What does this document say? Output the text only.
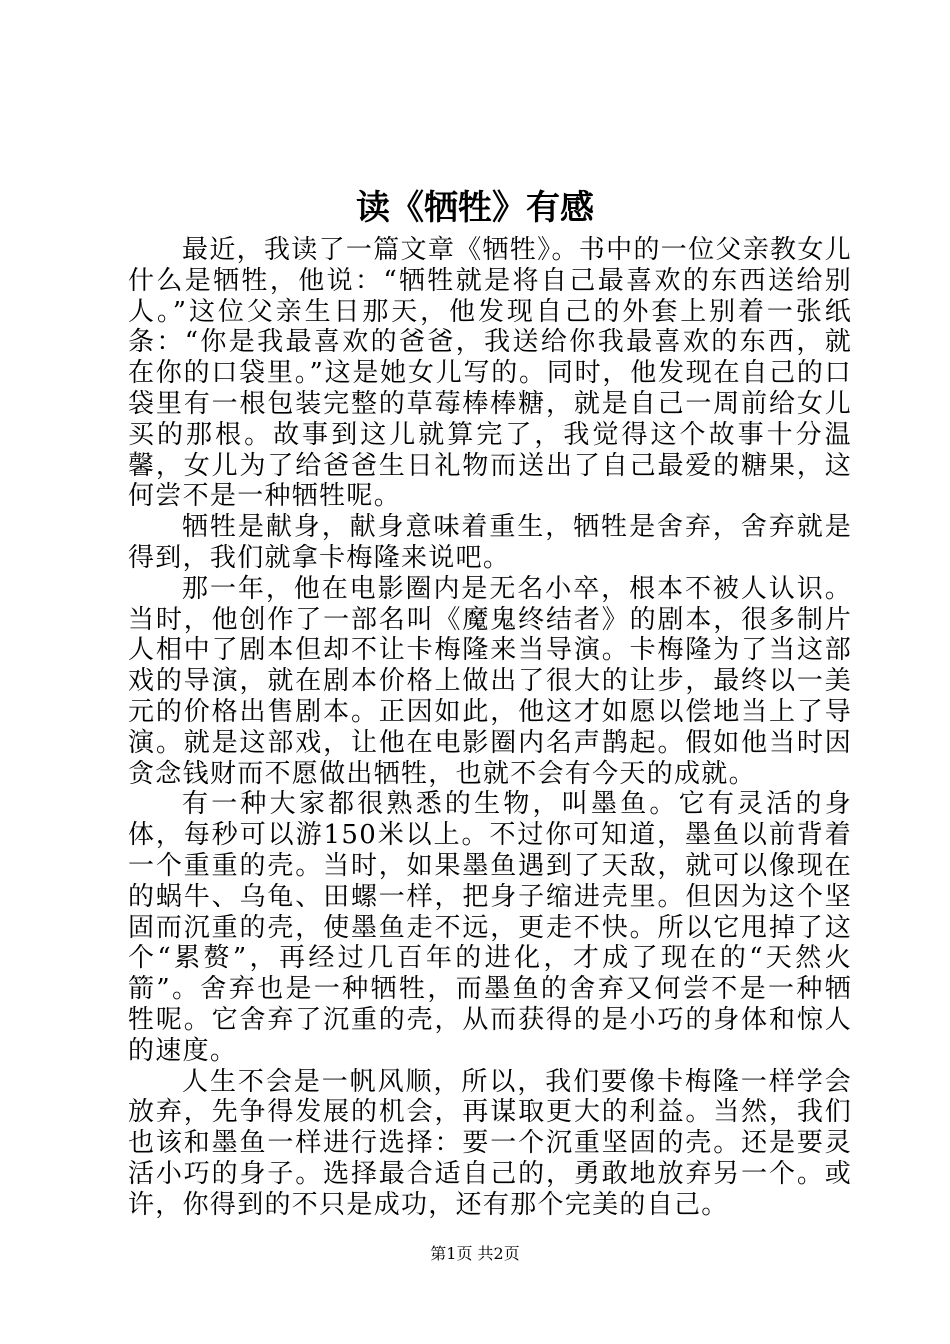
读《牺牲》有感

最近，我读了一篇文章《牺牲》。书中的一位父亲教女儿什么是牺牲，他说：“牺牲就是将自己最喜欢的东西送给别人。”这位父亲生日那天，他发现自己的外套上别着一张纸条：“你是我最喜欢的爸爸，我送给你我最喜欢的东西，就在你的口袋里。”这是她女儿写的。同时，他发现在自己的口袋里有一根包装完整的草莓棒棒糖，就是自己一周前给女儿买的那根。故事到这儿就算完了，我觉得这个故事十分温馨，女儿为了给爸爸生日礼物而送出了自己最爱的糖果，这何尝不是一种牺牲呢。

牺牲是献身，献身意味着重生，牺牲是舍弃，舍弃就是得到，我们就拿卡梅隆来说吧。

那一年，他在电影圈内是无名小卒，根本不被人认识。当时，他创作了一部名叫《魔鬼终结者》的剧本，很多制片人相中了剧本但却不让卡梅隆来当导演。卡梅隆为了当这部戏的导演，就在剧本价格上做出了很大的让步，最终以一美元的价格出售剧本。正因如此，他这才如愿以偿地当上了导演。就是这部戏，让他在电影圈内名声鹊起。假如他当时因贪念钱财而不愿做出牺牲，也就不会有今天的成就。

有一种大家都很熟悉的生物，叫墨鱼。它有灵活的身体，每秒可以游150米以上。不过你可知道，墨鱼以前背着一个重重的壳。当时，如果墨鱼遇到了天敌，就可以像现在的蜗牛、乌龟、田螺一样，把身子缩进壳里。但因为这个坚固而沉重的壳，使墨鱼走不远，更走不快。所以它甩掉了这个“累赘”，再经过几百年的进化，才成了现在的“天然火箭”。舍弃也是一种牺牲，而墨鱼的舍弃又何尝不是一种牺牲呢。它舍弃了沉重的壳，从而获得的是小巧的身体和惊人的速度。

人生不会是一帆风顺，所以，我们要像卡梅隆一样学会放弃，先争得发展的机会，再谋取更大的利益。当然，我们也该和墨鱼一样进行选择：要一个沉重坚固的壳。还是要灵活小巧的身子。选择最合适自己的，勇敢地放弃另一个。或许，你得到的不只是成功，还有那个完美的自己。

第1页 共2页
